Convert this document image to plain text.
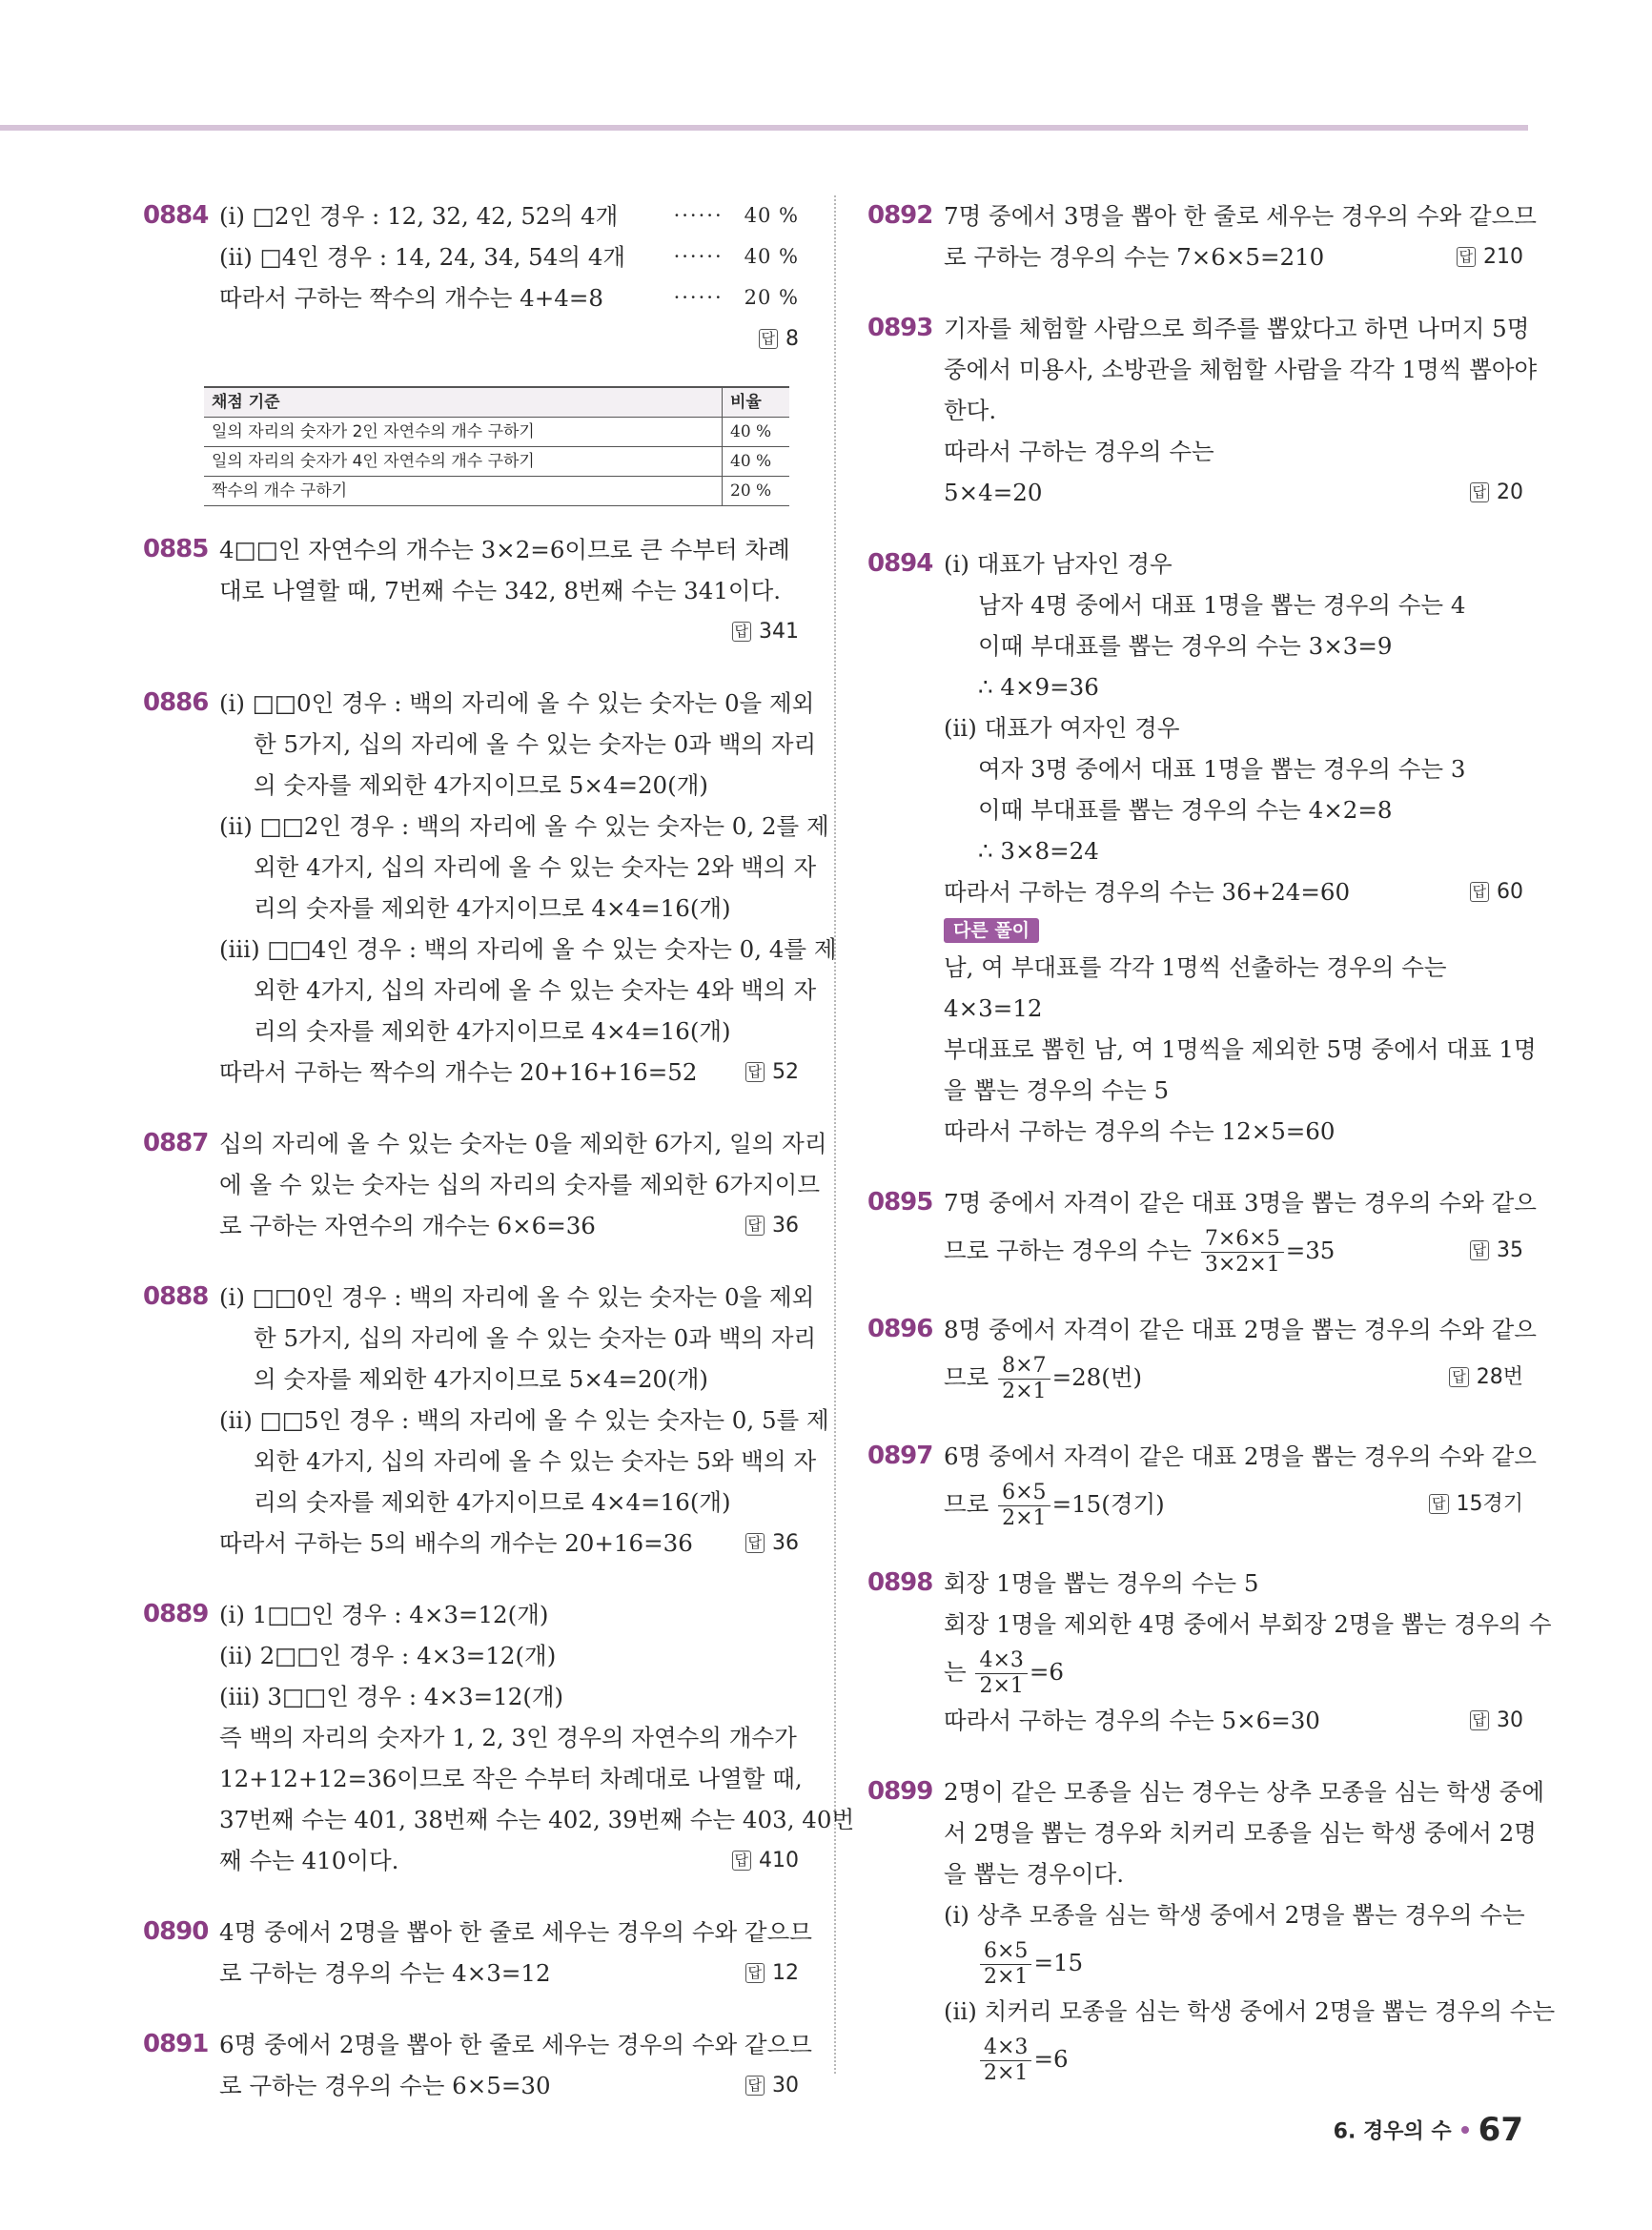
0884 (ⅰ) □2인 경우 : 12, 32, 42, 52의 4개	······ 40 %
(ⅱ) □4인 경우 : 14, 24, 34, 54의 4개 ······ 40 %
따라서 구하는 짝수의 개수는 4+4=8	······ 20 %
답 8

채점 기준	비율
일의 자리의 숫자가 2인 자연수의 개수 구하기	40 %
일의 자리의 숫자가 4인 자연수의 개수 구하기	40 %
짝수의 개수 구하기	20 %
0885 4□□인 자연수의 개수는 3×2=6이므로 큰 수부터 차례
대로 나열할 때, 7번째 수는 342, 8번째 수는 341이다.
답 341

0886 (ⅰ) □□0인 경우 : 백의 자리에 올 수 있는 숫자는 0을 제외
한 5가지, 십의 자리에 올 수 있는 숫자는 0과 백의 자리
의 숫자를 제외한 4가지이므로 5×4=20(개)
(ⅱ) □□2인 경우 : 백의 자리에 올 수 있는 숫자는 0, 2를 제
외한 4가지, 십의 자리에 올 수 있는 숫자는 2와 백의 자
리의 숫자를 제외한 4가지이므로 4×4=16(개)
(ⅲ) □□4인 경우 : 백의 자리에 올 수 있는 숫자는 0, 4를 제
외한 4가지, 십의 자리에 올 수 있는 숫자는 4와 백의 자
리의 숫자를 제외한 4가지이므로 4×4=16(개)
따라서 구하는 짝수의 개수는 20+16+16=52	답 52
0887 십의 자리에 올 수 있는 숫자는 0을 제외한 6가지, 일의 자리
에 올 수 있는 숫자는 십의 자리의 숫자를 제외한 6가지이므
로 구하는 자연수의 개수는 6×6=36	답 36
0888 (ⅰ) □□0인 경우 : 백의 자리에 올 수 있는 숫자는 0을 제외
한 5가지, 십의 자리에 올 수 있는 숫자는 0과 백의 자리
의 숫자를 제외한 4가지이므로 5×4=20(개)
(ⅱ) □□5인 경우 : 백의 자리에 올 수 있는 숫자는 0, 5를 제
외한 4가지, 십의 자리에 올 수 있는 숫자는 5와 백의 자
리의 숫자를 제외한 4가지이므로 4×4=16(개)
따라서 구하는 5의 배수의 개수는 20+16=36	답 36
0889 (ⅰ) 1□□인 경우 : 4×3=12(개)
(ⅱ) 2□□인 경우 : 4×3=12(개)
(ⅲ) 3□□인 경우 : 4×3=12(개)
즉 백의 자리의 숫자가 1, 2, 3인 경우의 자연수의 개수가
12+12+12=36이므로 작은 수부터 차례대로 나열할 때,
37번째 수는 401, 38번째 수는 402, 39번째 수는 403, 40번
째 수는 410이다.	답 410
0890 4명 중에서 2명을 뽑아 한 줄로 세우는 경우의 수와 같으므
로 구하는 경우의 수는 4×3=12	답 12
0891 6명 중에서 2명을 뽑아 한 줄로 세우는 경우의 수와 같으므
로 구하는 경우의 수는 6×5=30	답 30
0892 7명 중에서 3명을 뽑아 한 줄로 세우는 경우의 수와 같으므
로 구하는 경우의 수는 7×6×5=210	답 210
0893 기자를 체험할 사람으로 희주를 뽑았다고 하면 나머지 5명
중에서 미용사, 소방관을 체험할 사람을 각각 1명씩 뽑아야
한다.
따라서 구하는 경우의 수는
5×4=20	답 20
0894 (ⅰ) 대표가 남자인 경우
남자 4명 중에서 대표 1명을 뽑는 경우의 수는 4
이때 부대표를 뽑는 경우의 수는 3×3=9
∴ 4×9=36
(ⅱ) 대표가 여자인 경우
여자 3명 중에서 대표 1명을 뽑는 경우의 수는 3
이때 부대표를 뽑는 경우의 수는 4×2=8
∴ 3×8=24
따라서 구하는 경우의 수는 36+24=60	답 60
다른 풀이
남, 여 부대표를 각각 1명씩 선출하는 경우의 수는
4×3=12
부대표로 뽑힌 남, 여 1명씩을 제외한 5명 중에서 대표 1명
을 뽑는 경우의 수는 5
따라서 구하는 경우의 수는 12×5=60
0895 7명 중에서 자격이 같은 대표 3명을 뽑는 경우의 수와 같으
므로 구하는 경우의 수는 $\frac{7\times 6\times 5}{3\times 2\times 1} =35$	답 35
0896 8명 중에서 자격이 같은 대표 2명을 뽑는 경우의 수와 같으
므로 $\frac{8\times 7}{2\times 1} =28$(번)	답 28번
0897 6명 중에서 자격이 같은 대표 2명을 뽑는 경우의 수와 같으
므로 $\frac{6\times 5}{2\times 1} =15$(경기)	답 15경기
0898 회장 1명을 뽑는 경우의 수는 5
회장 1명을 제외한 4명 중에서 부회장 2명을 뽑는 경우의 수
는 $\frac{4\times 3}{2\times 1} =6$
따라서 구하는 경우의 수는 5×6=30	답 30
0899 2명이 같은 모종을 심는 경우는 상추 모종을 심는 학생 중에
서 2명을 뽑는 경우와 치커리 모종을 심는 학생 중에서 2명
을 뽑는 경우이다.
(ⅰ) 상추 모종을 심는 학생 중에서 2명을 뽑는 경우의 수는
$\frac{6\times 5}{2\times 1} =15$
(ⅱ) 치커리 모종을 심는 학생 중에서 2명을 뽑는 경우의 수는
$\frac{4\times 3}{2\times 1} =6$
6. 경우의 수 67
